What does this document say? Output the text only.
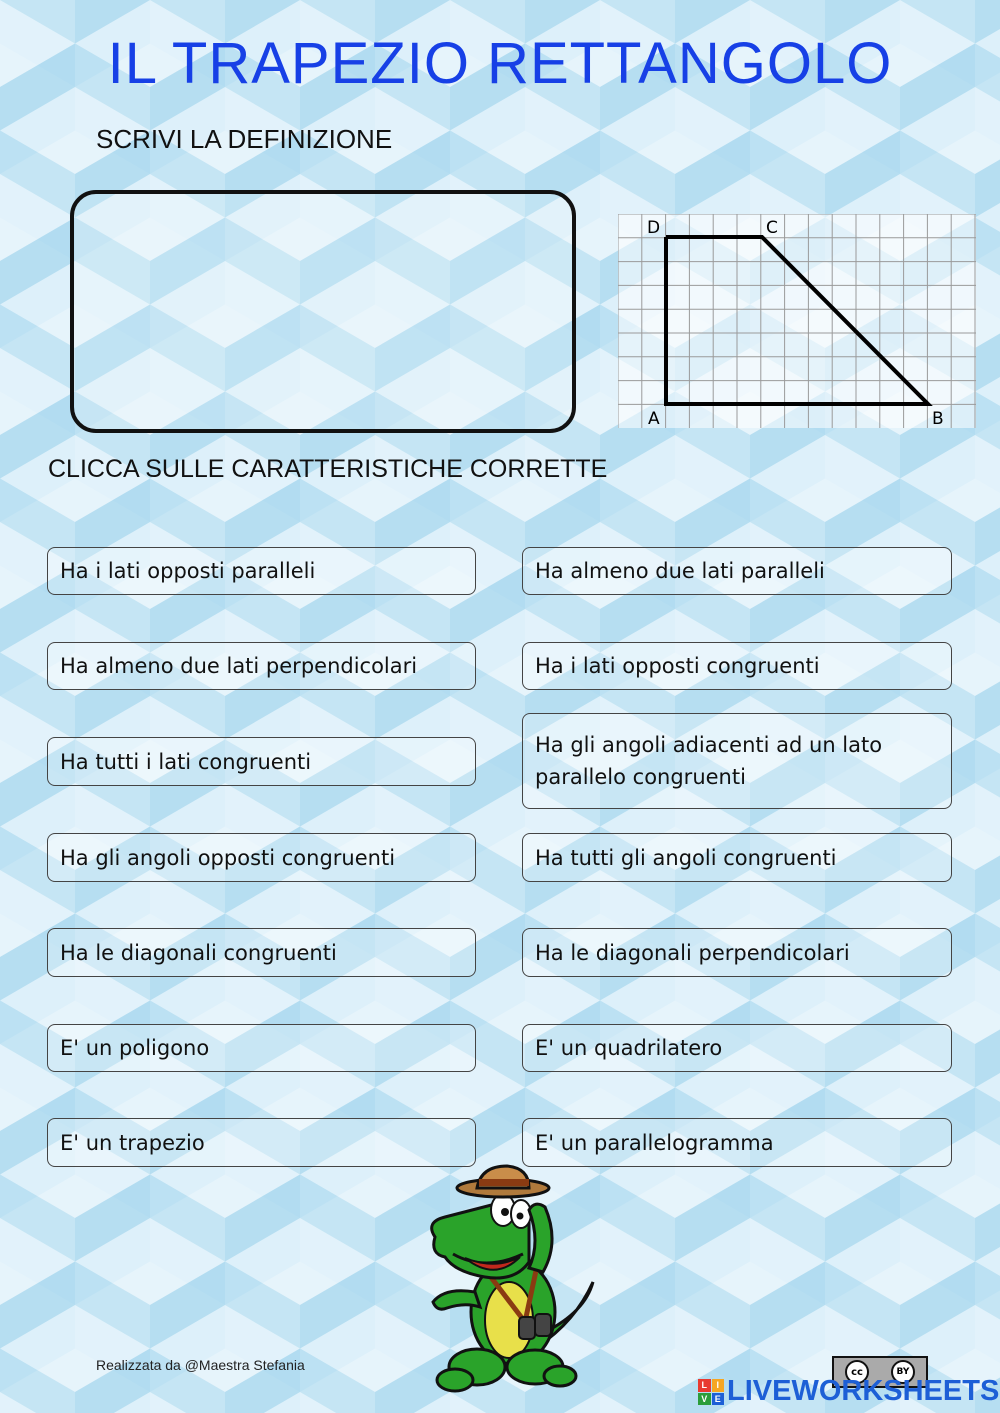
IL TRAPEZIO RETTANGOLO
SCRIVI LA DEFINIZIONE
D	C
A	B
CLICCA SULLE CARATTERISTICHE CORRETTE
Ha i lati opposti paralleli
Ha almeno due lati perpendicolari
Ha tutti i lati congruenti
Ha gli angoli opposti congruenti
Ha le diagonali congruenti
E' un poligono
E' un trapezio
Ha almeno due lati paralleli
Ha i lati opposti congruenti
Ha gli angoli adiacenti ad un lato parallelo congruenti
Ha tutti gli angoli congruenti
Ha le diagonali perpendicolari
E' un quadrilatero
E' un parallelogramma
Realizzata da @Maestra Stefania	cc	BY
L	I
V E LIVEWORKSHEETS
